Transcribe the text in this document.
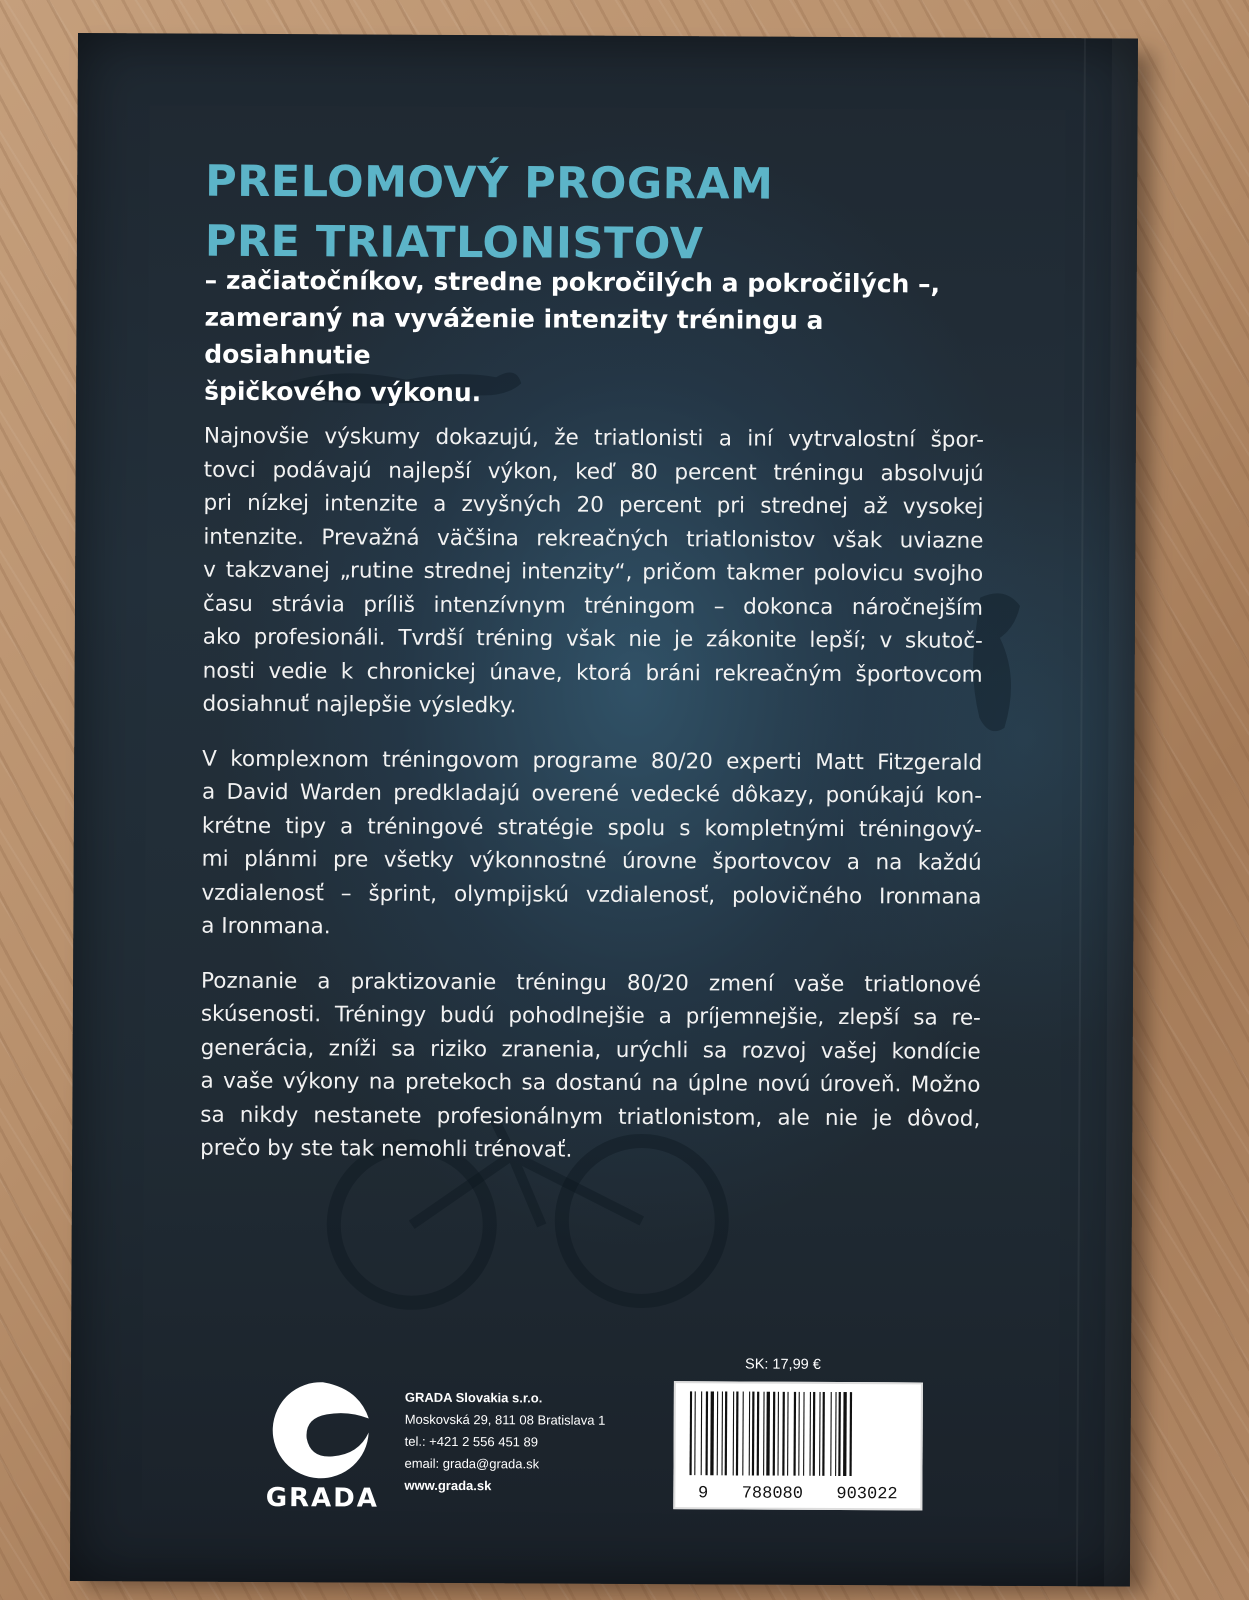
PRELOMOVÝ PROGRAM
PRE TRIATLONISTOV
– začiatočníkov, stredne pokročilých a pokročilých –,
zameraný na vyváženie intenzity tréningu a dosiahnutie
špičkového výkonu.

Najnovšie výskumy dokazujú, že triatlonisti a iní vytrvalostní špor-
tovci podávajú najlepší výkon, keď 80 percent tréningu absolvujú
pri nízkej intenzite a zvyšných 20 percent pri strednej až vysokej
intenzite. Prevažná väčšina rekreačných triatlonistov však uviazne
v takzvanej „rutine strednej intenzity“, pričom takmer polovicu svojho
času strávia príliš intenzívnym tréningom – dokonca náročnejším
ako profesionáli. Tvrdší tréning však nie je zákonite lepší; v skutoč-
nosti vedie k chronickej únave, ktorá bráni rekreačným športovcom
dosiahnuť najlepšie výsledky.

V komplexnom tréningovom programe 80/20 experti Matt Fitzgerald
a David Warden predkladajú overené vedecké dôkazy, ponúkajú kon-
krétne tipy a tréningové stratégie spolu s kompletnými tréningový-
mi plánmi pre všetky výkonnostné úrovne športovcov a na každú
vzdialenosť – šprint, olympijskú vzdialenosť, polovičného Ironmana
a Ironmana.

Poznanie a praktizovanie tréningu 80/20 zmení vaše triatlonové
skúsenosti. Tréningy budú pohodlnejšie a príjemnejšie, zlepší sa re-
generácia, zníži sa riziko zranenia, urýchli sa rozvoj vašej kondície
a vaše výkony na pretekoch sa dostanú na úplne novú úroveň. Možno
sa nikdy nestanete profesionálnym triatlonistom, ale nie je dôvod,
prečo by ste tak nemohli trénovať.

GRADA
GRADA Slovakia s.r.o.
Moskovská 29, 811 08 Bratislava 1
tel.: +421 2 556 451 89
email: grada@grada.sk
www.grada.sk
SK: 17,99 €
9 788080 903022
